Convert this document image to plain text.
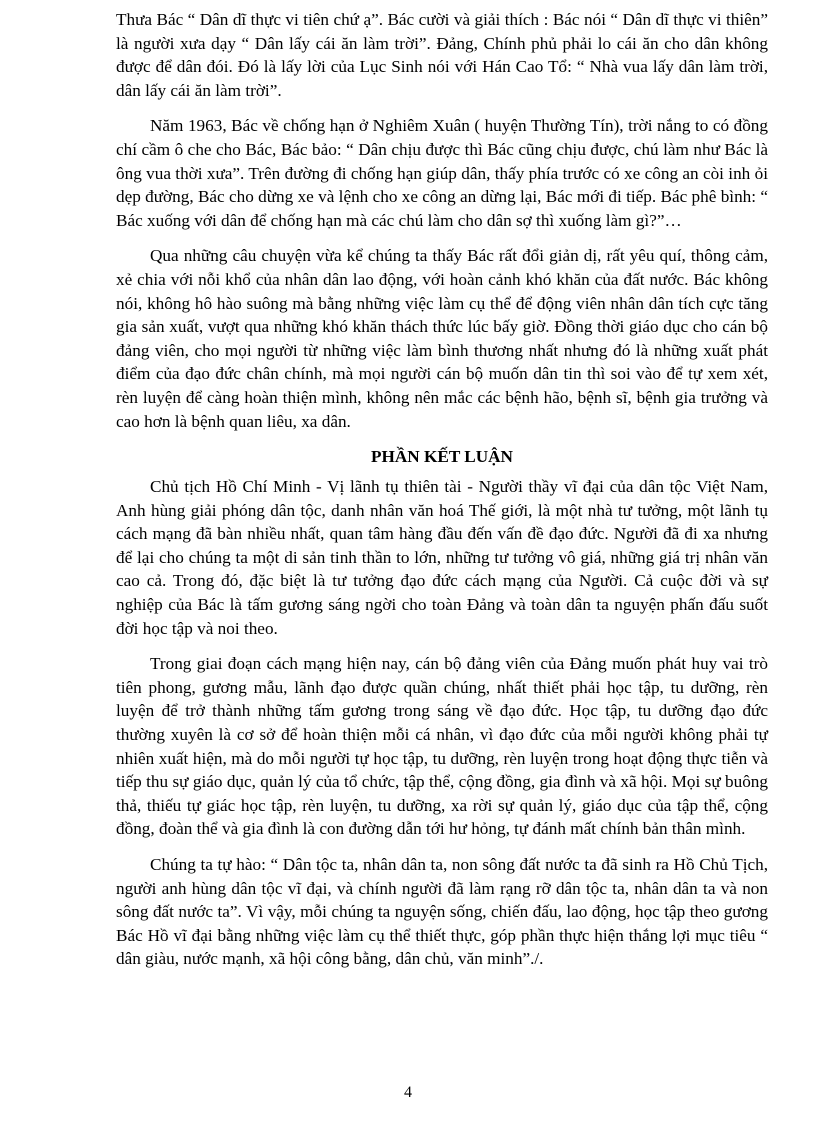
Thưa Bác “ Dân dĩ thực vi tiên chứ ạ”. Bác cười và giải thích : Bác nói “ Dân dĩ thực vi thiên” là người xưa dạy “ Dân lấy cái ăn làm trời”. Đảng, Chính phủ phải lo cái ăn cho dân không được để dân đói. Đó là lấy lời của Lục Sinh nói với Hán Cao Tổ: “ Nhà vua lấy dân làm trời, dân lấy cái ăn làm trời”.

Năm 1963, Bác về chống hạn ở Nghiêm Xuân ( huyện Thường Tín), trời nắng to có đồng chí cầm ô che cho Bác, Bác bảo: “ Dân chịu được thì Bác cũng chịu được, chú làm như Bác là ông vua thời xưa”. Trên đường đi chống hạn giúp dân, thấy phía trước có xe công an còi inh ỏi dẹp đường, Bác cho dừng xe và lệnh cho xe công an dừng lại, Bác mới đi tiếp. Bác phê bình: “ Bác xuống với dân để chống hạn mà các chú làm cho dân sợ thì xuống làm gì?”…

Qua những câu chuyện vừa kể chúng ta thấy Bác rất đổi giản dị, rất yêu quí, thông cảm, xẻ chia với nỗi khổ của nhân dân lao động, với hoàn cảnh khó khăn của đất nước. Bác không nói, không hô hào suông mà bằng những việc làm cụ thể để động viên nhân dân tích cực tăng gia sản xuất, vượt qua những khó khăn thách thức lúc bấy giờ. Đồng thời giáo dục cho cán bộ đảng viên, cho mọi người từ những việc làm bình thương nhất nhưng đó là những xuất phát điểm của đạo đức chân chính, mà mọi người cán bộ muốn dân tin thì soi vào để tự xem xét, rèn luyện để càng hoàn thiện mình, không nên mắc các bệnh hão, bệnh sĩ, bệnh gia trưởng và cao hơn là bệnh quan liêu, xa dân.

PHẦN KẾT LUẬN

Chủ tịch Hồ Chí Minh - Vị lãnh tụ thiên tài - Người thầy vĩ đại của dân tộc Việt Nam, Anh hùng giải phóng dân tộc, danh nhân văn hoá Thế giới, là một nhà tư tưởng, một lãnh tụ cách mạng đã bàn nhiều nhất, quan tâm hàng đầu đến vấn đề đạo đức. Người đã đi xa nhưng để lại cho chúng ta một di sản tinh thần to lớn, những tư tưởng vô giá, những giá trị nhân văn cao cả. Trong đó, đặc biệt là tư tưởng đạo đức cách mạng của Người. Cả cuộc đời và sự nghiệp của Bác là tấm gương sáng ngời cho toàn Đảng và toàn dân ta nguyện phấn đấu suốt đời học tập và noi theo.

Trong giai đoạn cách mạng hiện nay, cán bộ đảng viên của Đảng muốn phát huy vai trò tiên phong, gương mẫu, lãnh đạo được quần chúng, nhất thiết phải học tập, tu dưỡng, rèn luyện để trở thành những tấm gương trong sáng về đạo đức. Học tập, tu dưỡng đạo đức thường xuyên là cơ sở để hoàn thiện mỗi cá nhân, vì đạo đức của mỗi người không phải tự nhiên xuất hiện, mà do mỗi người tự học tập, tu dưỡng, rèn luyện trong hoạt động thực tiễn và tiếp thu sự giáo dục, quản lý của tổ chức, tập thể, cộng đồng, gia đình và xã hội. Mọi sự buông thả, thiếu tự giác học tập, rèn luyện, tu dưỡng, xa rời sự quản lý, giáo dục của tập thể, cộng đồng, đoàn thể và gia đình là con đường dẫn tới hư hỏng, tự đánh mất chính bản thân mình.

Chúng ta tự hào: “ Dân tộc ta, nhân dân ta, non sông đất nước ta đã sinh ra Hồ Chủ Tịch, người anh hùng dân tộc vĩ đại, và chính người đã làm rạng rỡ dân tộc ta, nhân dân ta và non sông đất nước ta”. Vì vậy, mỗi chúng ta nguyện sống, chiến đấu, lao động, học tập theo gương Bác Hồ vĩ đại bằng những việc làm cụ thể thiết thực, góp phần thực hiện thắng lợi mục tiêu “ dân giàu, nước mạnh, xã hội công bằng, dân chủ, văn minh”./.

4
